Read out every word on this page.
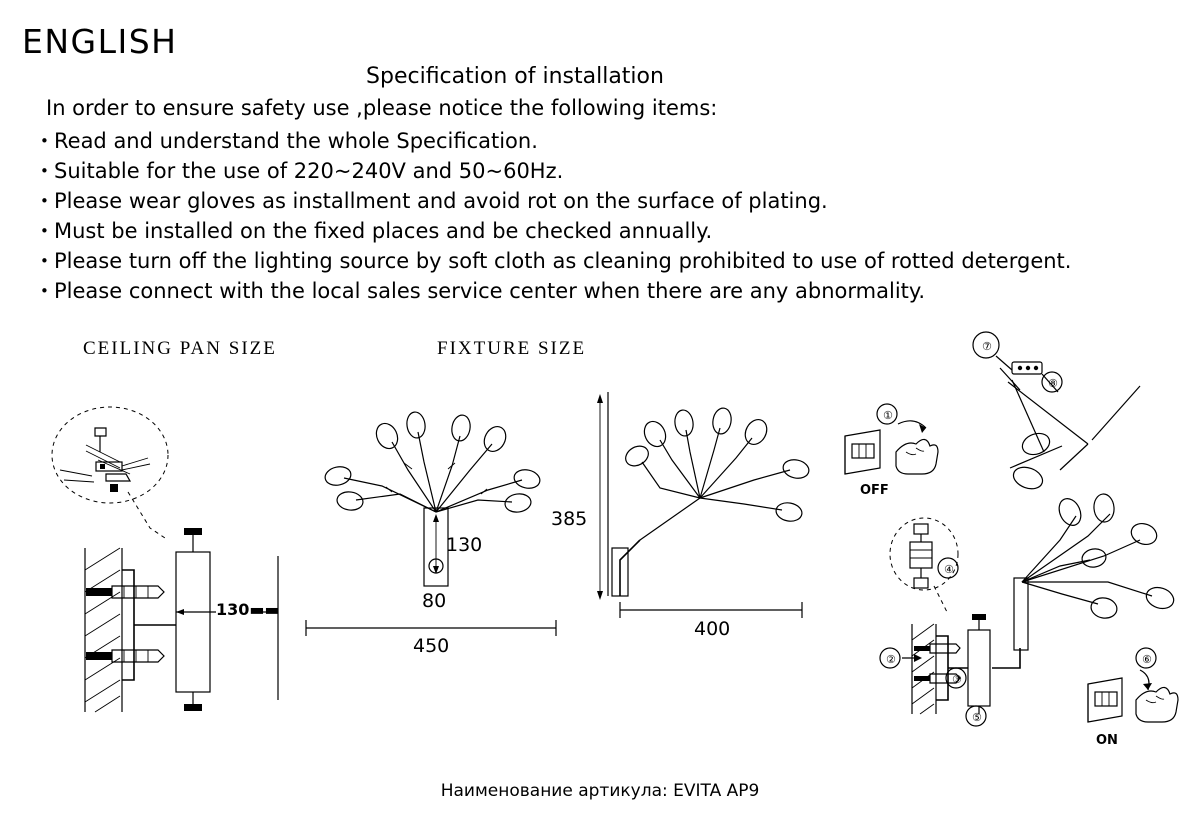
ENGLISH
Specification of installation
In order to ensure safety use ,please notice the following items:
• Read and understand the whole Specification.
• Suitable for the use of 220~240V and 50~60Hz.
• Please wear gloves as installment and avoid rot on the surface of plating.
• Must be installed on the fixed places and be checked annually.
• Please turn off the lighting source by soft cloth as cleaning prohibited to use of rotted detergent.
• Please connect with the local sales service center when there are any abnormality.
CEILING PAN SIZE	FIXTURE SIZE
130▬▬
130
80
450
385
400
OFF
ON
Наименование артикула: EVITA AP9
⑦
⑧
①
④
②
③
⑤
⑥
